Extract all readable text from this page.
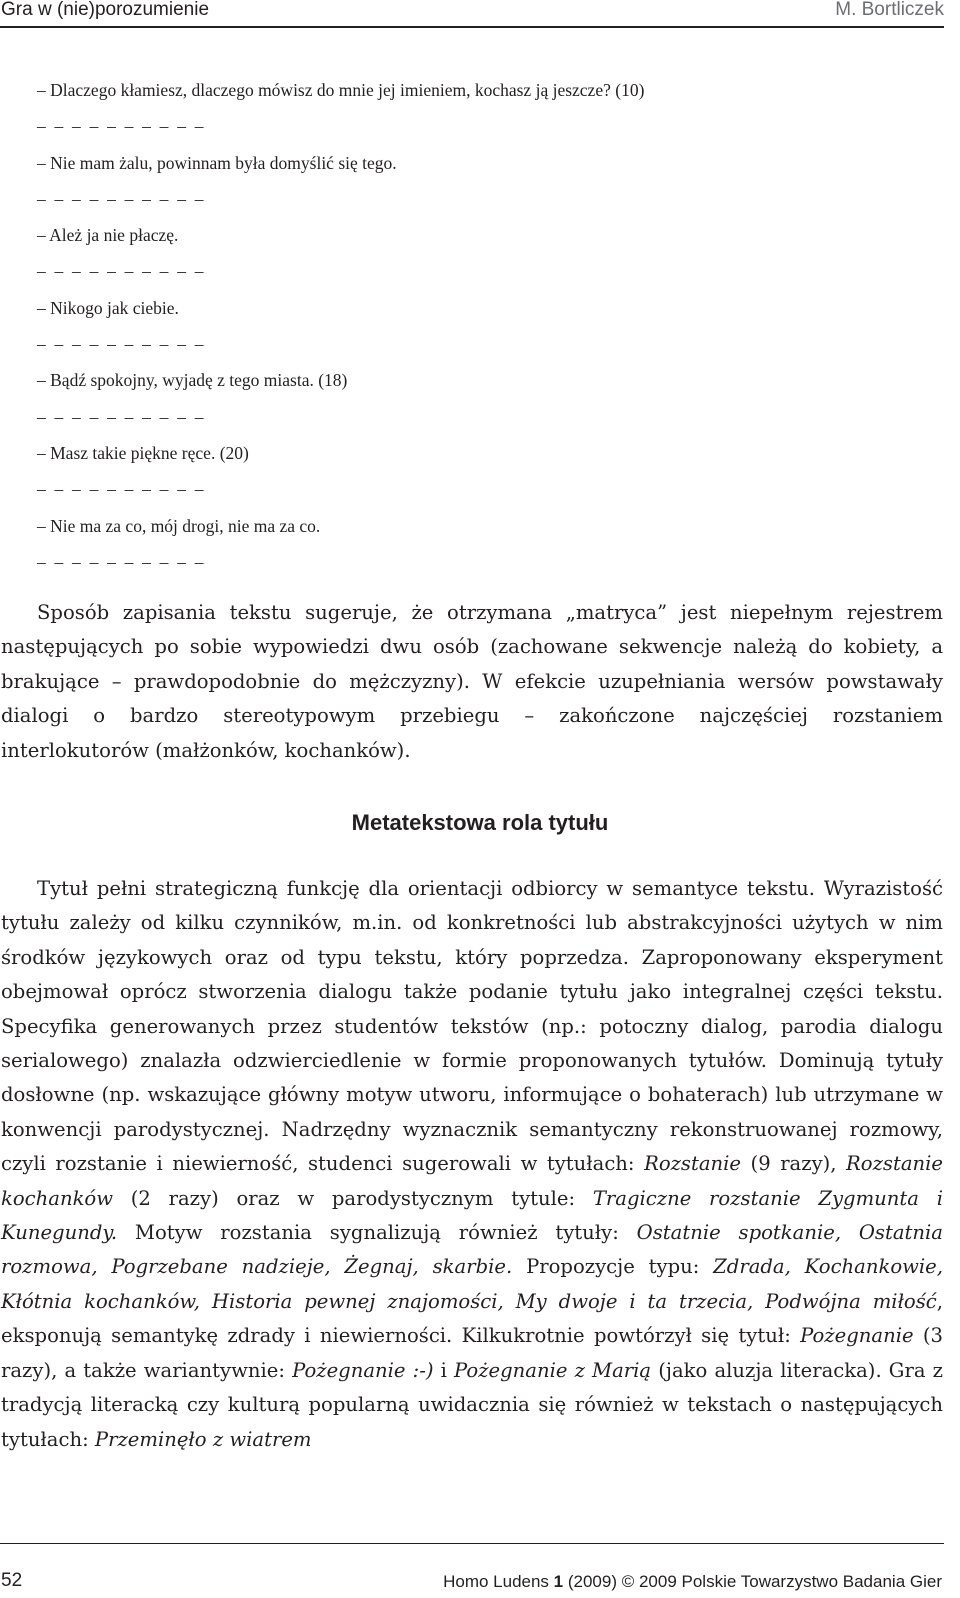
Gra w (nie)porozumienie	M. Bortliczek
– Dlaczego kłamiesz, dlaczego mówisz do mnie jej imieniem, kochasz ją jeszcze? (10)
– – – – – – – – – –
– Nie mam żalu, powinnam była domyślić się tego.
– – – – – – – – – –
– Ależ ja nie płaczę.
– – – – – – – – – –
– Nikogo jak ciebie.
– – – – – – – – – –
– Bądź spokojny, wyjadę z tego miasta. (18)
– – – – – – – – – –
– Masz takie piękne ręce. (20)
– – – – – – – – – –
– Nie ma za co, mój drogi, nie ma za co.
– – – – – – – – – –
Sposób zapisania tekstu sugeruje, że otrzymana „matryca” jest niepełnym rejestrem następujących po sobie wypowiedzi dwu osób (zachowane sekwencje należą do kobiety, a brakujące – prawdopodobnie do mężczyzny). W efekcie uzupełniania wersów powstawały dialogi o bardzo stereotypowym przebiegu – zakończone najczęściej rozstaniem interlokutorów (małżonków, kochanków).
Metatekstowa rola tytułu
Tytuł pełni strategiczną funkcję dla orientacji odbiorcy w semantyce tekstu. Wyrazistość tytułu zależy od kilku czynników, m.in. od konkretności lub abstrakcyjności użytych w nim środków językowych oraz od typu tekstu, który poprzedza. Zaproponowany eksperyment obejmował oprócz stworzenia dialogu także podanie tytułu jako integralnej części tekstu. Specyfika generowanych przez studentów tekstów (np.: potoczny dialog, parodia dialogu serialowego) znalazła odzwierciedlenie w formie proponowanych tytułów. Dominują tytuły dosłowne (np. wskazujące główny motyw utworu, informujące o bohaterach) lub utrzymane w konwencji parodystycznej. Nadrzędny wyznacznik semantyczny rekonstruowanej rozmowy, czyli rozstanie i niewierność, studenci sugerowali w tytułach: Rozstanie (9 razy), Rozstanie kochanków (2 razy) oraz w parodystycznym tytule: Tragiczne rozstanie Zygmunta i Kunegundy. Motyw rozstania sygnalizują również tytuły: Ostatnie spotkanie, Ostatnia rozmowa, Pogrzebane nadzieje, Żegnaj, skarbie. Propozycje typu: Zdrada, Kochankowie, Kłótnia kochanków, Historia pewnej znajomości, My dwoje i ta trzecia, Podwójna miłość, eksponują semantykę zdrady i niewierności. Kilkukrotnie powtórzył się tytuł: Pożegnanie (3 razy), a także wariantywnie: Pożegnanie :-) i Pożegnanie z Marią (jako aluzja literacka). Gra z tradycją literacką czy kulturą popularną uwidacznia się również w tekstach o następujących tytułach: Przeminęło z wiatrem
52	Homo Ludens 1 (2009) © 2009 Polskie Towarzystwo Badania Gier
